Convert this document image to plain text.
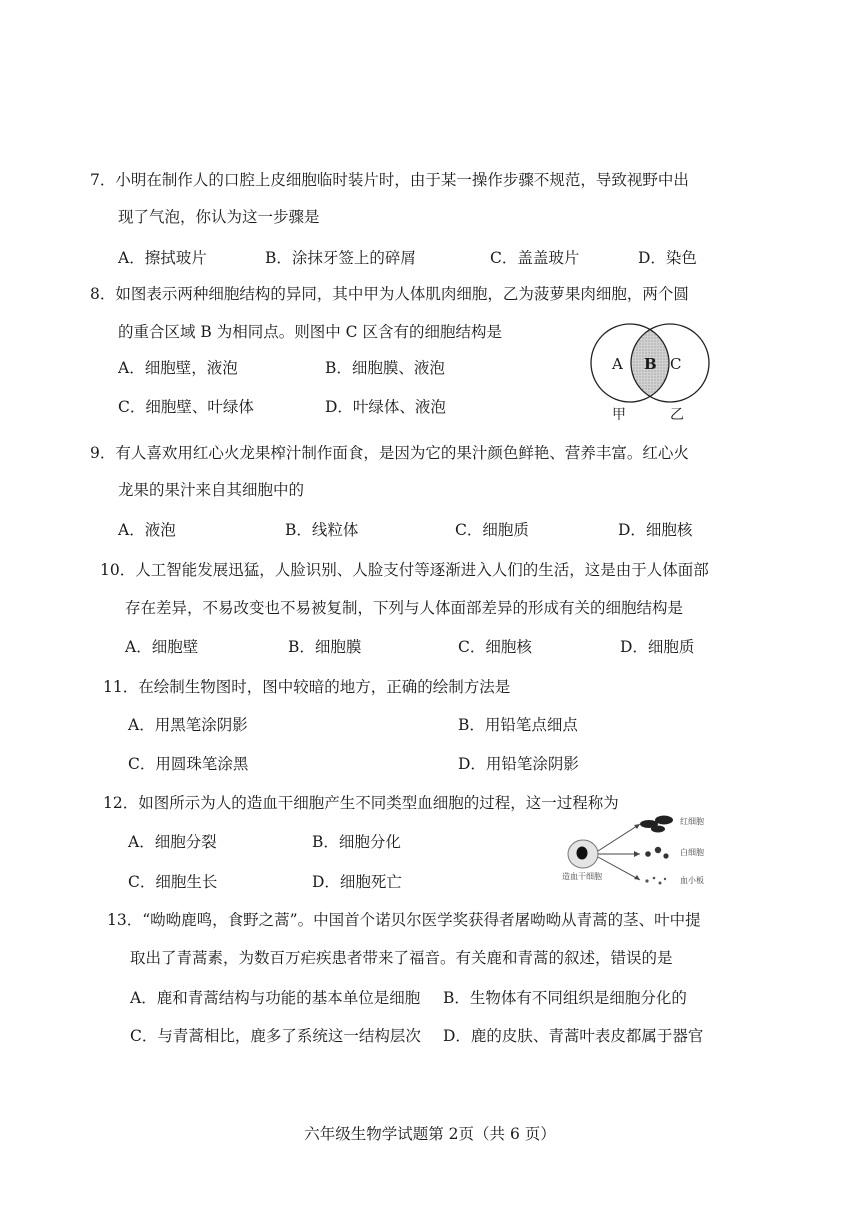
7．小明在制作人的口腔上皮细胞临时装片时，由于某一操作步骤不规范，导致视野中出
现了气泡，你认为这一步骤是
A．擦拭玻片	B．涂抹牙签上的碎屑	C．盖盖玻片	D．染色
8．如图表示两种细胞结构的异同，其中甲为人体肌肉细胞，乙为菠萝果肉细胞，两个圆
的重合区域 B 为相同点。则图中 C 区含有的细胞结构是
A．细胞壁，液泡	B．细胞膜、液泡
C．细胞壁、叶绿体	D．叶绿体、液泡
A B C
甲	乙
9．有人喜欢用红心火龙果榨汁制作面食，是因为它的果汁颜色鲜艳、营养丰富。红心火
龙果的果汁来自其细胞中的
A．液泡	B．线粒体	C．细胞质	D．细胞核
10．人工智能发展迅猛，人脸识别、人脸支付等逐渐进入人们的生活，这是由于人体面部
存在差异，不易改变也不易被复制，下列与人体面部差异的形成有关的细胞结构是
A．细胞壁	B．细胞膜	C．细胞核	D．细胞质
11．在绘制生物图时，图中较暗的地方，正确的绘制方法是
A．用黑笔涂阴影	B．用铅笔点细点
C．用圆珠笔涂黑	D．用铅笔涂阴影
12．如图所示为人的造血干细胞产生不同类型血细胞的过程，这一过程称为
A．细胞分裂	B．细胞分化
C．细胞生长	D．细胞死亡	造血干细胞
红细胞
白细胞
血小板
13．“呦呦鹿鸣，食野之蒿”。中国首个诺贝尔医学奖获得者屠呦呦从青蒿的茎、叶中提
取出了青蒿素，为数百万疟疾患者带来了福音。有关鹿和青蒿的叙述，错误的是
A．鹿和青蒿结构与功能的基本单位是细胞 B．生物体有不同组织是细胞分化的
C．与青蒿相比，鹿多了系统这一结构层次 D．鹿的皮肤、青蒿叶表皮都属于器官
六年级生物学试题第 2页（共 6 页）
